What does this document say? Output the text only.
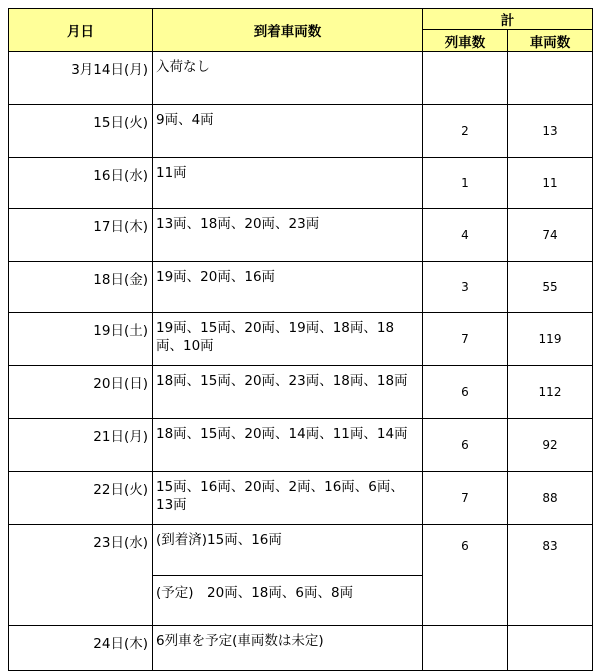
月日	到着車両数	計	
		列車数	車両数
3月14日(月)	入荷なし		
15日(火)	9両、4両	2	13
16日(水)	11両	1	11
17日(木)	13両、18両、20両、23両	4	74
18日(金)	19両、20両、16両	3	55
19日(土)	19両、15両、20両、19両、18両、18両、10両	7	119
20日(日)	18両、15両、20両、23両、18両、18両	6	112
21日(月)	18両、15両、20両、14両、11両、14両	6	92
22日(火)	15両、16両、20両、2両、16両、6両、13両	7	88
23日(水)	(到着済)15両、16両	6	83
	(予定)　20両、18両、6両、8両		
24日(木)	6列車を予定(車両数は未定)		
